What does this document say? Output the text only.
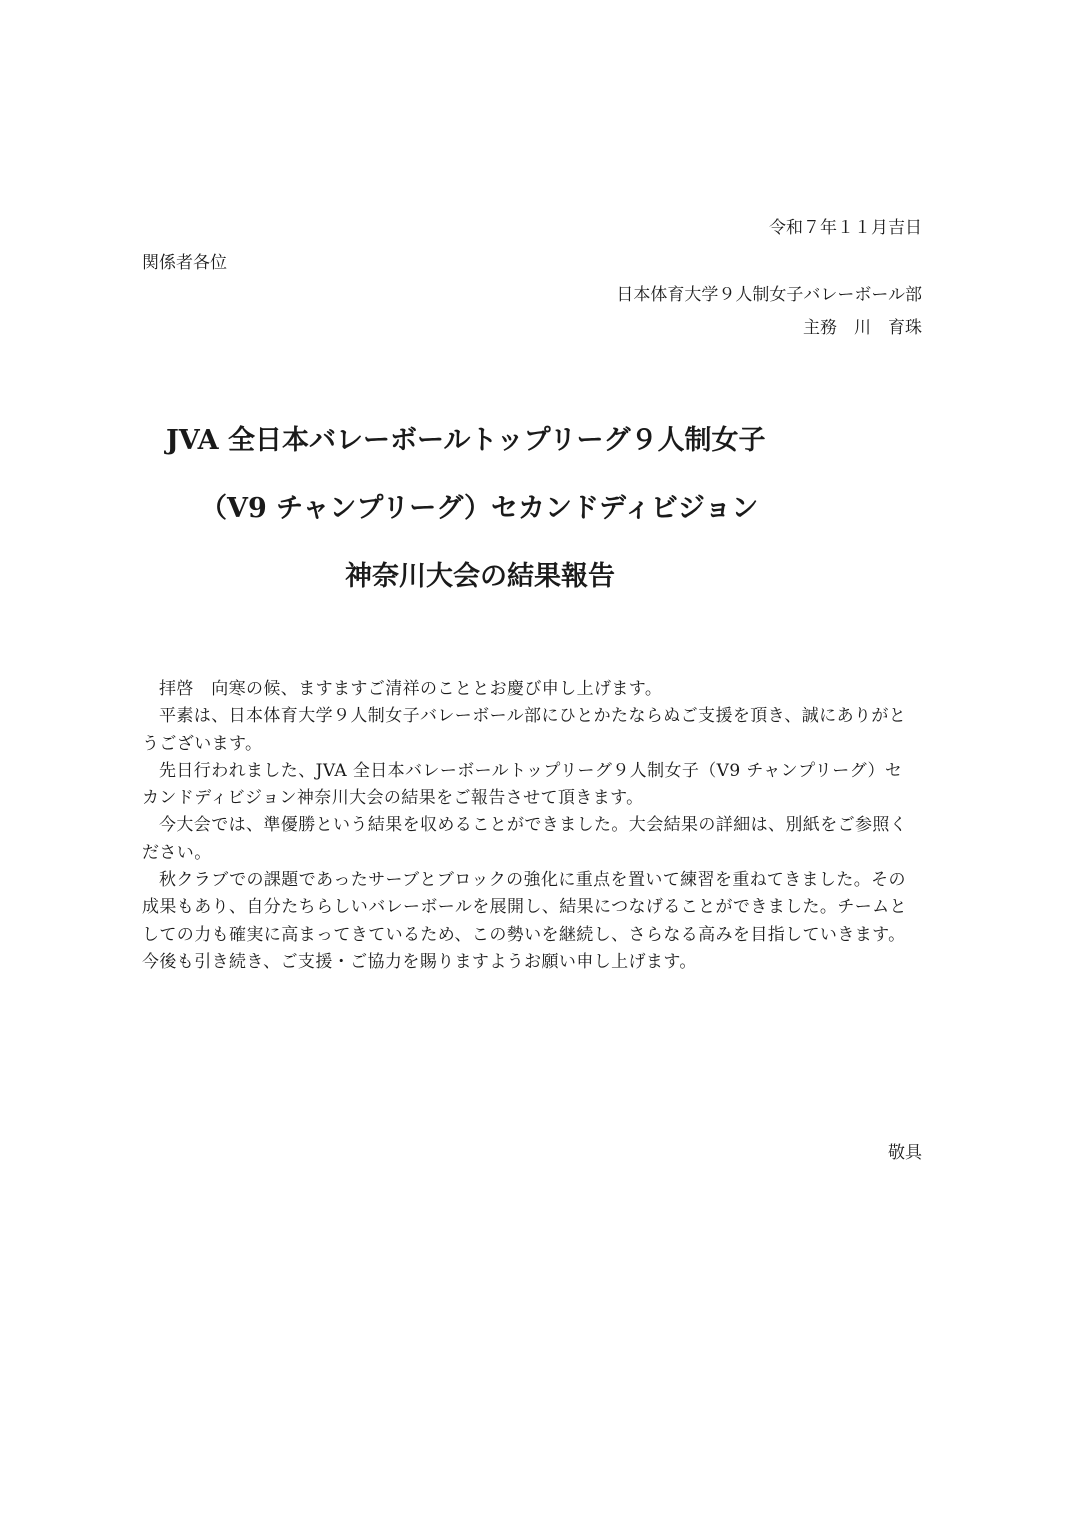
令和７年１１月吉日
関係者各位
日本体育大学９人制女子バレーボール部
主務　川　育珠
JVA 全日本バレーボールトップリーグ９人制女子
（V9 チャンプリーグ）セカンドディビジョン
神奈川大会の結果報告

拝啓　向寒の候、ますますご清祥のこととお慶び申し上げます。

平素は、日本体育大学９人制女子バレーボール部にひとかたならぬご支援を頂き、誠にありがとうございます。

先日行われました、JVA 全日本バレーボールトップリーグ９人制女子（V9 チャンプリーグ）セカンドディビジョン神奈川大会の結果をご報告させて頂きます。

今大会では、準優勝という結果を収めることができました。大会結果の詳細は、別紙をご参照ください。

秋クラブでの課題であったサーブとブロックの強化に重点を置いて練習を重ねてきました。その成果もあり、自分たちらしいバレーボールを展開し、結果につなげることができました。チームとしての力も確実に高まってきているため、この勢いを継続し、さらなる高みを目指していきます。今後も引き続き、ご支援・ご協力を賜りますようお願い申し上げます。

敬具
